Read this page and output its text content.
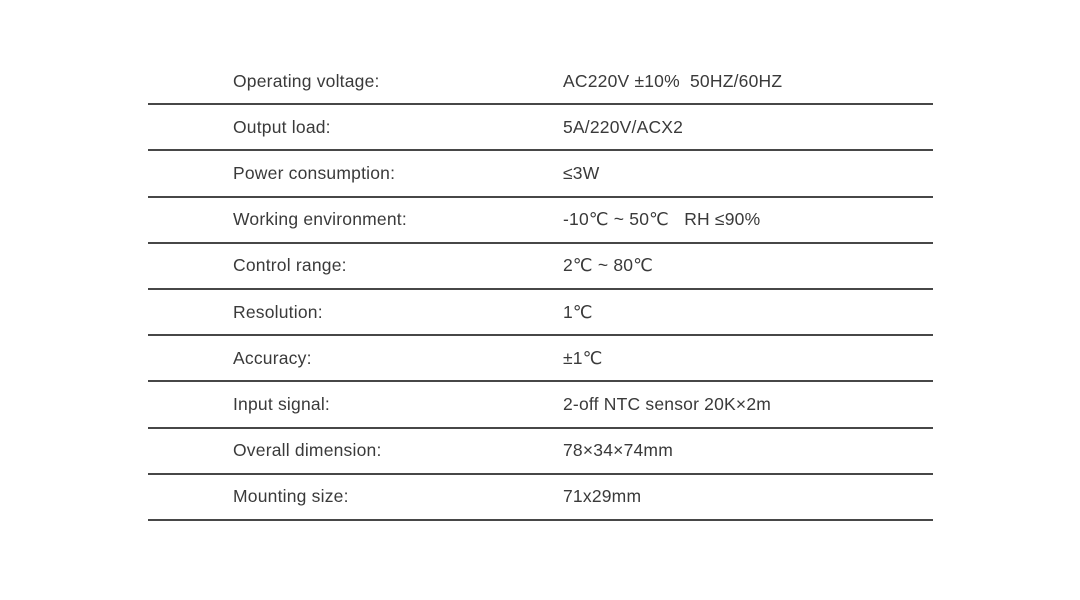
Operating voltage:	AC220V ±10%  50HZ/60HZ
Output load:	5A/220V/ACX2
Power consumption:	≤3W
Working environment:	-10℃ ~ 50℃   RH ≤90%
Control range:	2℃ ~ 80℃
Resolution:	1℃
Accuracy:	±1℃
Input signal:	2-off NTC sensor 20K×2m
Overall dimension:	78×34×74mm
Mounting size:	71x29mm
